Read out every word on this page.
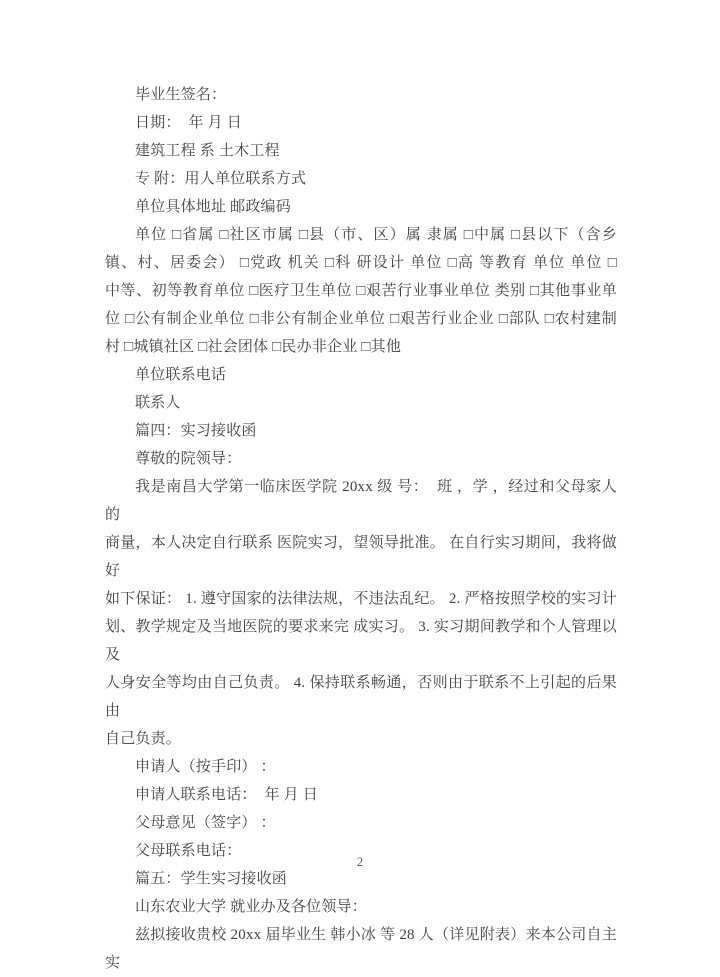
毕业生签名：
日期：  年 月 日
建筑工程 系 土木工程
专 附：用人单位联系方式
单位具体地址 邮政编码
单位 □省属 □社区市属 □县（市、区）属 隶属 □中属 □县以下（含乡
镇、村、居委会） □党政 机关 □科 研设计 单位 □高 等教育 单位 单位 □
中等、初等教育单位 □医疗卫生单位 □艰苦行业事业单位 类别 □其他事业单
位 □公有制企业单位 □非公有制企业单位 □艰苦行业企业 □部队 □农村建制
村 □城镇社区 □社会团体 □民办非企业 □其他
单位联系电话
联系人
篇四：实习接收函
尊敬的院领导：
我是南昌大学第一临床医学院 20xx 级 号：  班 ，学 ，经过和父母家人的
商量，本人决定自行联系 医院实习，望领导批准。 在自行实习期间，我将做好
如下保证： 1. 遵守国家的法律法规，不违法乱纪。 2. 严格按照学校的实习计
划、教学规定及当地医院的要求来完 成实习。 3. 实习期间教学和个人管理以及
人身安全等均由自己负责。 4. 保持联系畅通，否则由于联系不上引起的后果由
自己负责。
申请人（按手印） ：
申请人联系电话：  年 月 日
父母意见（签字） ：
父母联系电话：
篇五：学生实习接收函
山东农业大学 就业办及各位领导：
兹拟接收贵校 20xx 届毕业生 韩小冰 等 28 人（详见附表）来本公司自主实
2
